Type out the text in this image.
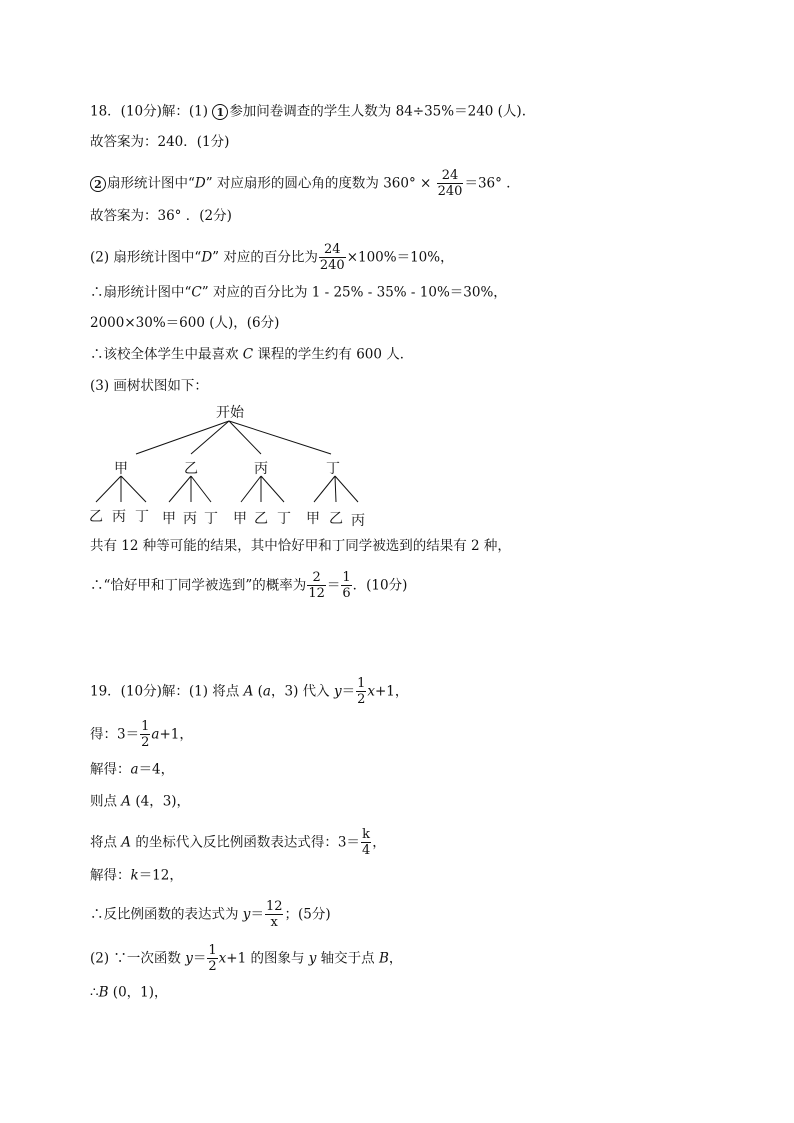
18．(10分)解：(1) 1 参加问卷调查的学生人数为 84÷35%＝240 (人).
故答案为：240．(1分)
2 扇形统计图中“D” 对应扇形的圆心角的度数为 $360^\circ \times \frac{24}{240} =36^\circ$ ．
故答案为：36° ．(2分)
(2) 扇形统计图中“D” 对应的百分比为 $\frac{24}{240} \times 100\%=10\%$，
∴扇形统计图中“C” 对应的百分比为 1 - 25% - 35% - 10%＝30%，
2000×30%＝600 (人)，(6分)
∴该校全体学生中最喜欢 C 课程的学生约有 600 人．
(3) 画树状图如下：
开始
甲	乙	丙	丁
乙 丙 丁 甲 丙 丁 甲 乙 丁 甲 乙 丙
共有 12 种等可能的结果，其中恰好甲和丁同学被选到的结果有 2 种，
∴“恰好甲和丁同学被选到”的概率为 $\frac{2}{12} = \frac{1}{6}$ ．(10分)
19．(10分)解：(1) 将点 A (a，3) 代入 $y= \frac{1}{2} x+1$，
得：$3= \frac{1}{2} a+1$，
解得：a＝4，
则点 A (4，3)，
将点 A 的坐标代入反比例函数表达式得：$3= \frac{k}{4}$ ，
解得：k＝12，
∴反比例函数的表达式为 $y= \frac{12}{x}$ ；(5分)
(2) ∵一次函数 $y= \frac{1}{2} x+1$ 的图象与 y 轴交于点 B，
∴B (0，1)，
